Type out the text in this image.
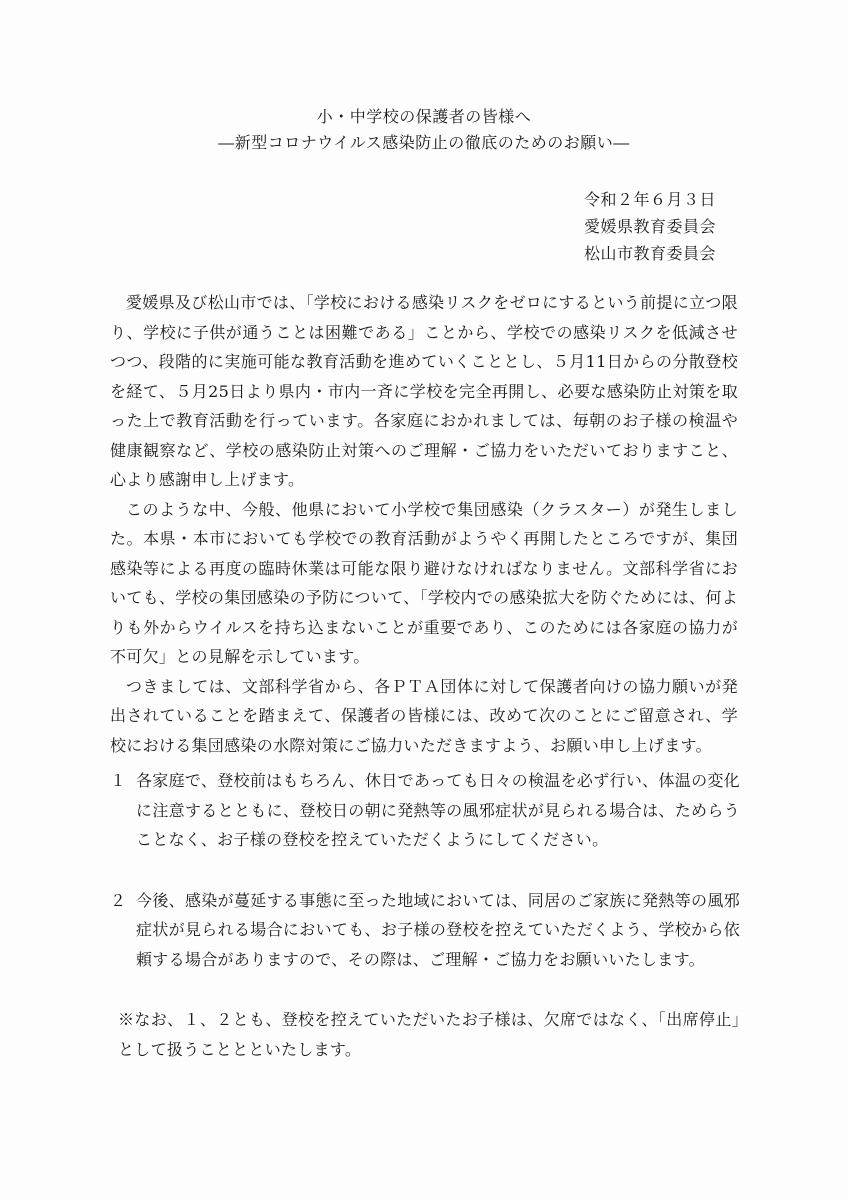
小・中学校の保護者の皆様へ
―新型コロナウイルス感染防止の徹底のためのお願い―
令和２年６月３日
愛媛県教育委員会
松山市教育委員会

愛媛県及び松山市では、「学校における感染リスクをゼロにするという前提に立つ限り、学校に子供が通うことは困難である」ことから、学校での感染リスクを低減させつつ、段階的に実施可能な教育活動を進めていくこととし、５月11日からの分散登校を経て、５月25日より県内・市内一斉に学校を完全再開し、必要な感染防止対策を取った上で教育活動を行っています。各家庭におかれましては、毎朝のお子様の検温や健康観察など、学校の感染防止対策へのご理解・ご協力をいただいておりますこと、心より感謝申し上げます。

このような中、今般、他県において小学校で集団感染（クラスター）が発生しました。本県・本市においても学校での教育活動がようやく再開したところですが、集団感染等による再度の臨時休業は可能な限り避けなければなりません。文部科学省においても、学校の集団感染の予防について、「学校内での感染拡大を防ぐためには、何よりも外からウイルスを持ち込まないことが重要であり、このためには各家庭の協力が不可欠」との見解を示しています。

つきましては、文部科学省から、各ＰＴＡ団体に対して保護者向けの協力願いが発出されていることを踏まえて、保護者の皆様には、改めて次のことにご留意され、学校における集団感染の水際対策にご協力いただきますよう、お願い申し上げます。

１ 各家庭で、登校前はもちろん、休日であっても日々の検温を必ず行い、体温の変化に注意するとともに、登校日の朝に発熱等の風邪症状が見られる場合は、ためらうことなく、お子様の登校を控えていただくようにしてください。
２ 今後、感染が蔓延する事態に至った地域においては、同居のご家族に発熱等の風邪症状が見られる場合においても、お子様の登校を控えていただくよう、学校から依頼する場合がありますので、その際は、ご理解・ご協力をお願いいたします。

※なお、１、２とも、登校を控えていただいたお子様は、欠席ではなく、「出席停止」として扱うこととといたします。
